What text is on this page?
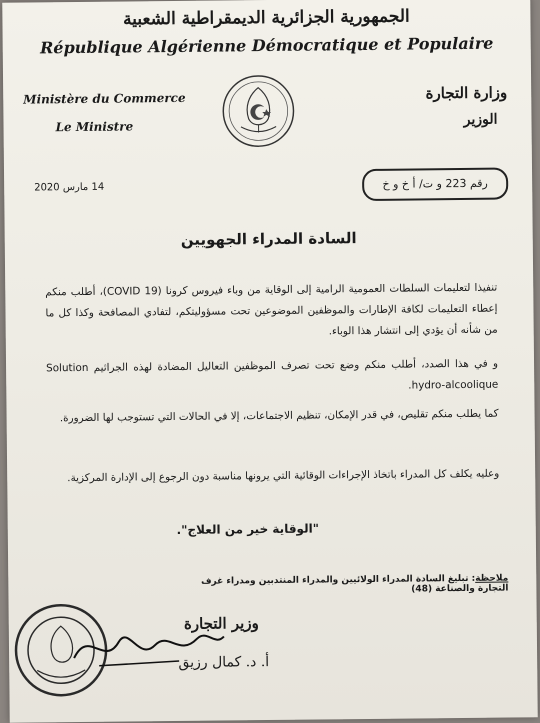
الجمهورية الجزائرية الديمقراطية الشعبية
République Algérienne Démocratique et Populaire
Ministère du Commerce
Le Ministre
وزارة التجارة
الوزير
14 مارس 2020	رقم 223 و ت/ أ خ و خ
السادة المدراء الجهويين
تنفيذا لتعليمات السلطات العمومية الرامية إلى الوقاية من وباء فيروس كرونا (COVID 19)، أطلب منكم إعطاء التعليمات لكافة الإطارات والموظفين الموضوعين تحت مسؤوليتكم، لتفادي المصافحة وكذا كل ما من شأنه أن يؤدي إلى انتشار هذا الوباء.
و في هذا الصدد، أطلب منكم وضع تحت تصرف الموظفين التعاليل المضادة لهذه الجراثيم Solution hydro-alcoolique.
كما يطلب منكم تقليص، في قدر الإمكان، تنظيم الاجتماعات، إلا في الحالات التي تستوجب لها الضرورة.
وعليه يكلف كل المدراء باتخاذ الإجراءات الوقائية التي يرونها مناسبة دون الرجوع إلى الإدارة المركزية.
"الوقاية خير من العلاج".
ملاحظة: تبليغ السادة المدراء الولائيين والمدراء المنتدبين ومدراء غرف التجارة والصناعة (48)
وزير التجارة
أ. د. كمال رزيق
